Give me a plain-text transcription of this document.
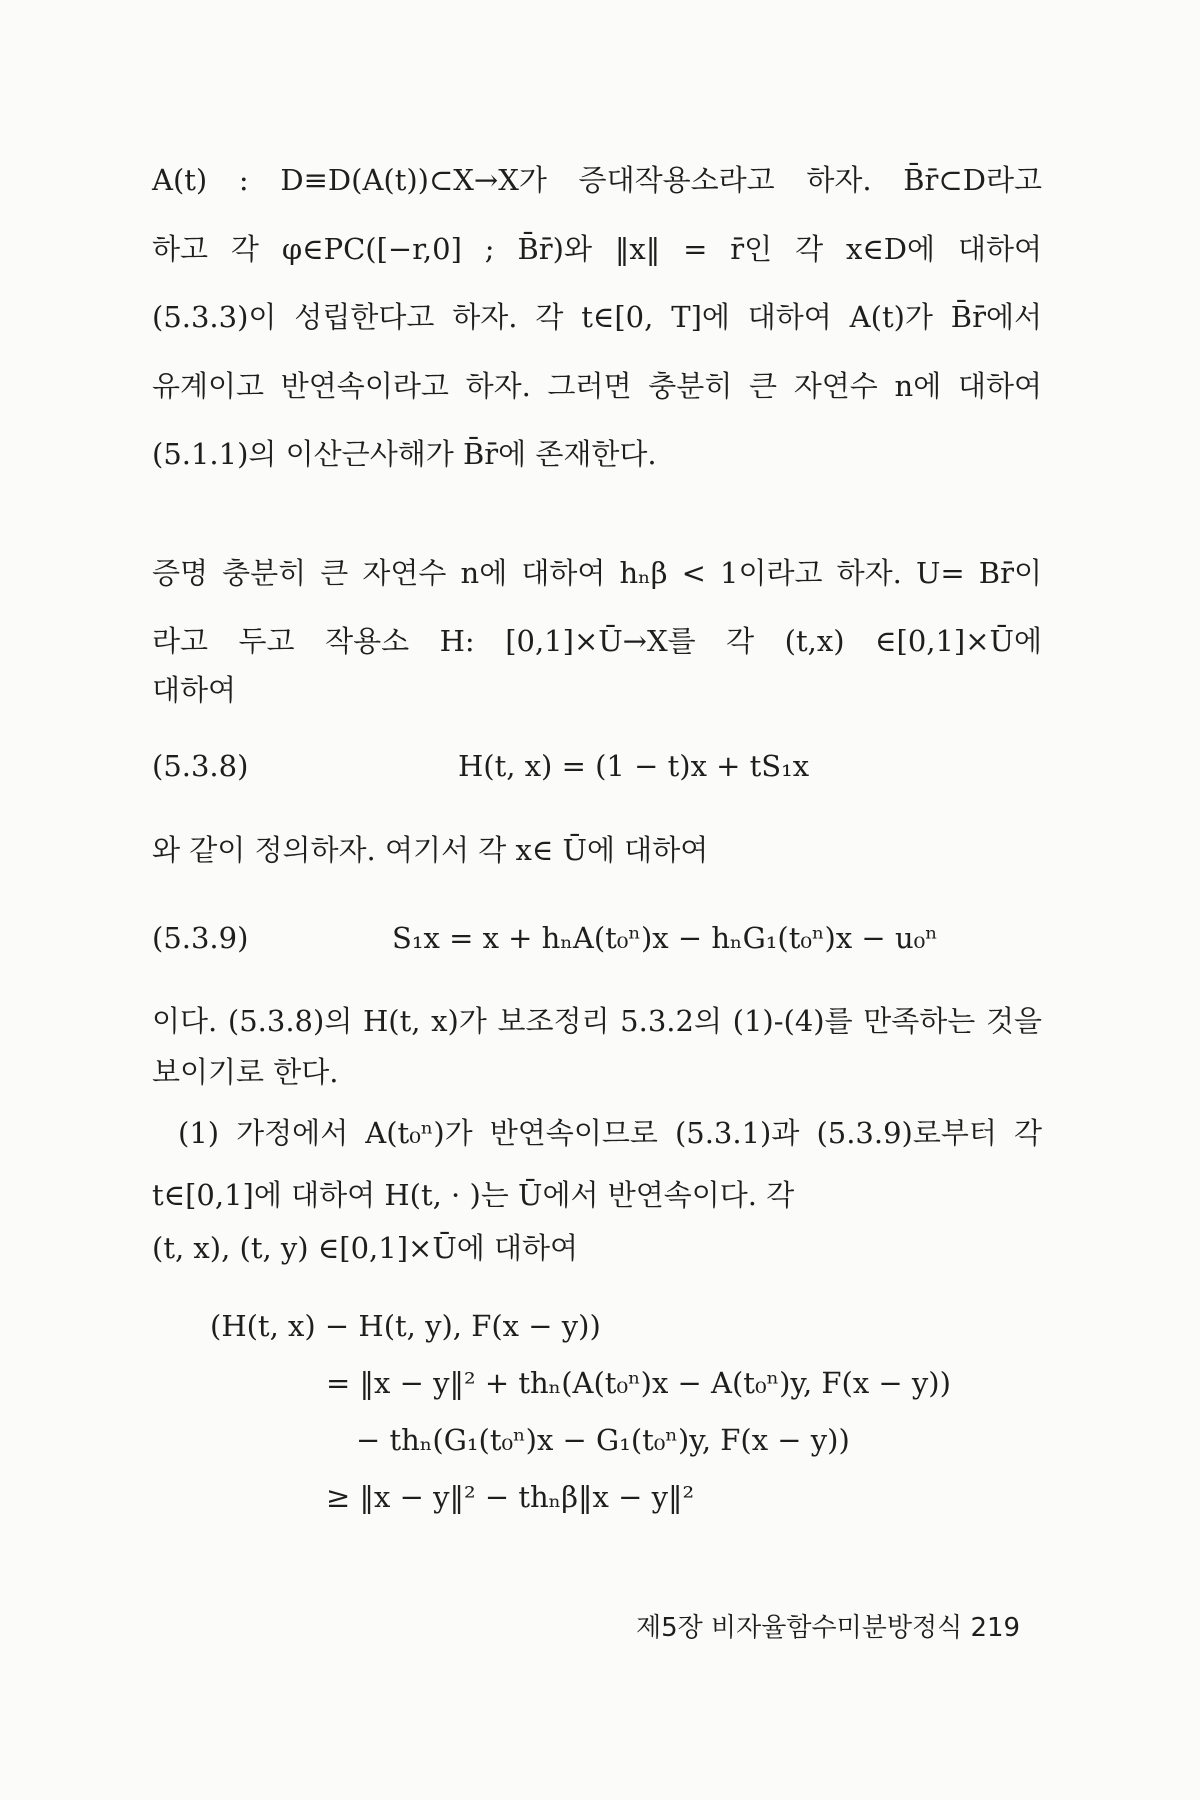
A(t) : D≡D(A(t))⊂X→X가 증대작용소라고 하자. B̄r̄⊂D라고
하고 각 φ∈PC([−r,0] ; B̄r̄)와 ‖x‖ = r̄인 각 x∈D에 대하여
(5.3.3)이 성립한다고 하자. 각 t∈[0, T]에 대하여 A(t)가 B̄r̄에서
유계이고 반연속이라고 하자. 그러면 충분히 큰 자연수 n에 대하여
(5.1.1)의 이산근사해가 B̄r̄에 존재한다.
증명 충분히 큰 자연수 n에 대하여 hₙβ < 1이라고 하자. U= Br̄이
라고 두고 작용소 H: [0,1]×Ū→X를 각 (t,x) ∈[0,1]×Ū에
대하여
(5.3.8)	H(t, x) = (1 − t)x + tS₁x
와 같이 정의하자. 여기서 각 x∈ Ū에 대하여
(5.3.9)	S₁x = x + hₙA(t₀ⁿ)x − hₙG₁(t₀ⁿ)x − u₀ⁿ
이다. (5.3.8)의 H(t, x)가 보조정리 5.3.2의 (1)-(4)를 만족하는 것을
보이기로 한다.
(1) 가정에서 A(t₀ⁿ)가 반연속이므로 (5.3.1)과 (5.3.9)로부터 각
t∈[0,1]에 대하여 H(t, · )는 Ū에서 반연속이다. 각
(t, x), (t, y) ∈[0,1]×Ū에 대하여
(H(t, x) − H(t, y), F(x − y))
= ‖x − y‖² + thₙ(A(t₀ⁿ)x − A(t₀ⁿ)y, F(x − y))
− thₙ(G₁(t₀ⁿ)x − G₁(t₀ⁿ)y, F(x − y))
≥ ‖x − y‖² − thₙβ‖x − y‖²
제5장 비자율함수미분방정식 219
